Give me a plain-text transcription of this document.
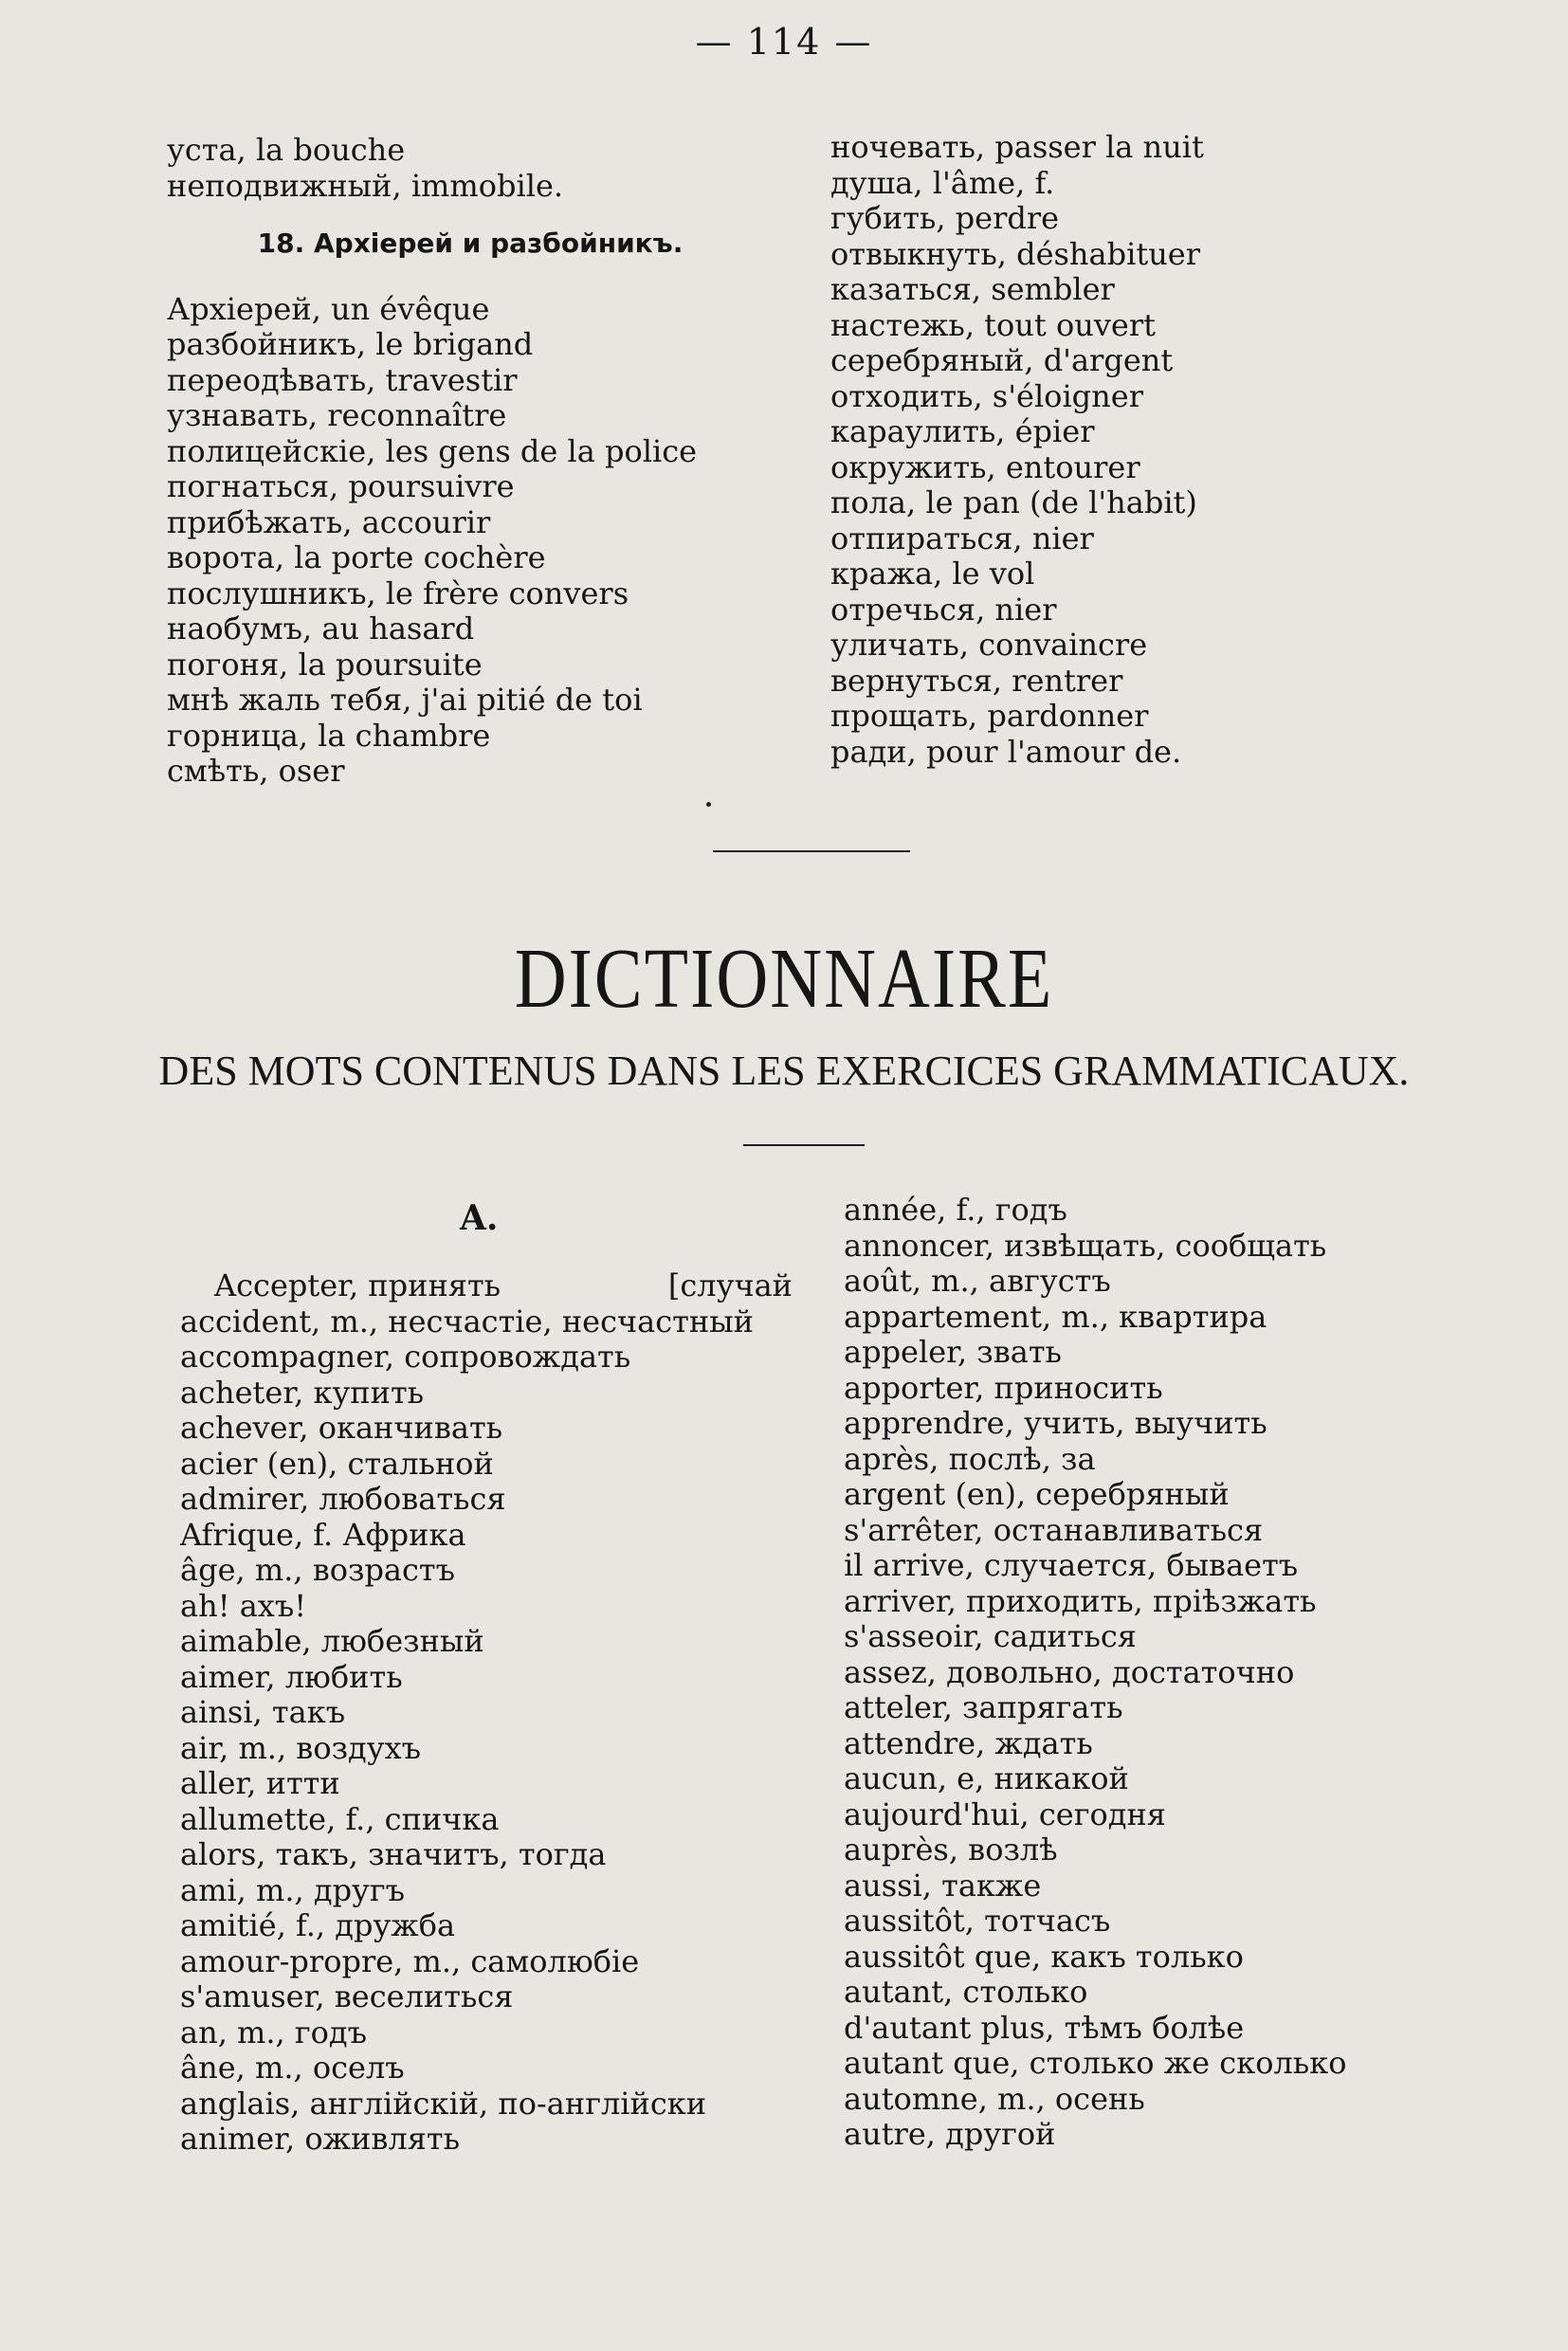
— 114 —
уста, la bouche
неподвижный, immobile.
18. Архіерей и разбойникъ.
Архіерей, un évêque
разбойникъ, le brigand
переодѣвать, travestir
узнавать, reconnaître
полицейскіе, les gens de la police
погнаться, poursuivre
прибѣжать, accourir
ворота, la porte cochère
послушникъ, le frère convers
наобумъ, au hasard
погоня, la poursuite
мнѣ жаль тебя, j'ai pitié de toi
горница, la chambre
смѣть, oser
ночевать, passer la nuit
душа, l'âme, f.
губить, perdre
отвыкнуть, déshabituer
казаться, sembler
настежь, tout ouvert
серебряный, d'argent
отходить, s'éloigner
караулить, épier
окружить, entourer
пола, le pan (de l'habit)
отпираться, nier
кража, le vol
отречься, nier
уличать, convaincre
вернуться, rentrer
прощать, pardonner
ради, pour l'amour de.
DICTIONNAIRE
DES MOTS CONTENUS DANS LES EXERCICES GRAMMATICAUX.
A.
Accepter, принять	[случай
accident, m., несчастіе, несчастный
accompagner, сопровождать
acheter, купить
achever, оканчивать
acier (en), стальной
admirer, любоваться
Afrique, f. Африка
âge, m., возрастъ
ah! ахъ!
aimable, любезный
aimer, любить
ainsi, такъ
air, m., воздухъ
aller, итти
allumette, f., спичка
alors, такъ, значитъ, тогда
ami, m., другъ
amitié, f., дружба
amour-propre, m., самолюбіе
s'amuser, веселиться
an, m., годъ
âne, m., оселъ
anglais, англійскій, по-англійски
animer, оживлять
année, f., годъ
annoncer, извѣщать, сообщать
août, m., августъ
appartement, m., квартира
appeler, звать
apporter, приносить
apprendre, учить, выучить
après, послѣ, за
argent (en), серебряный
s'arrêter, останавливаться
il arrive, случается, бываетъ
arriver, приходить, пріѣзжать
s'asseoir, садиться
assez, довольно, достаточно
atteler, запрягать
attendre, ждать
aucun, e, никакой
aujourd'hui, сегодня
auprès, возлѣ
aussi, также
aussitôt, тотчасъ
aussitôt que, какъ только
autant, столько
d'autant plus, тѣмъ болѣе
autant que, столько же сколько
automne, m., осень
autre, другой
